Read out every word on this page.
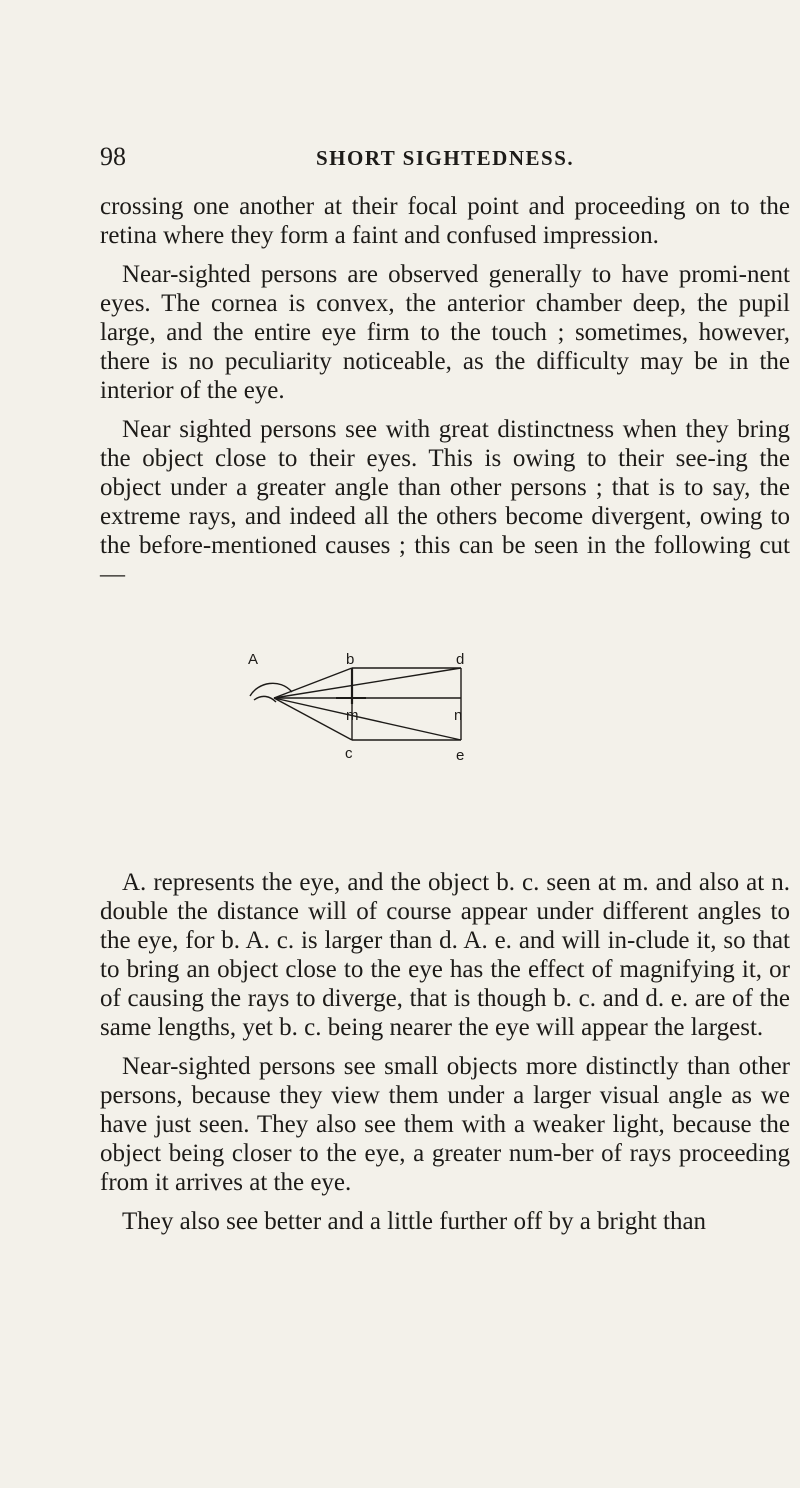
98	SHORT SIGHTEDNESS.

crossing one another at their focal point and proceeding on to the retina where they form a faint and confused impression.

Near-sighted persons are observed generally to have promi-nent eyes. The cornea is convex, the anterior chamber deep, the pupil large, and the entire eye firm to the touch ; sometimes, however, there is no peculiarity noticeable, as the difficulty may be in the interior of the eye.

Near sighted persons see with great distinctness when they bring the object close to their eyes. This is owing to their see-ing the object under a greater angle than other persons ; that is to say, the extreme rays, and indeed all the others become divergent, owing to the before-mentioned causes ; this can be seen in the following cut—

A	b	d
m	n
c	e

A. represents the eye, and the object b. c. seen at m. and also at n. double the distance will of course appear under different angles to the eye, for b. A. c. is larger than d. A. e. and will in-clude it, so that to bring an object close to the eye has the effect of magnifying it, or of causing the rays to diverge, that is though b. c. and d. e. are of the same lengths, yet b. c. being nearer the eye will appear the largest.

Near-sighted persons see small objects more distinctly than other persons, because they view them under a larger visual angle as we have just seen. They also see them with a weaker light, because the object being closer to the eye, a greater num-ber of rays proceeding from it arrives at the eye.

They also see better and a little further off by a bright than
